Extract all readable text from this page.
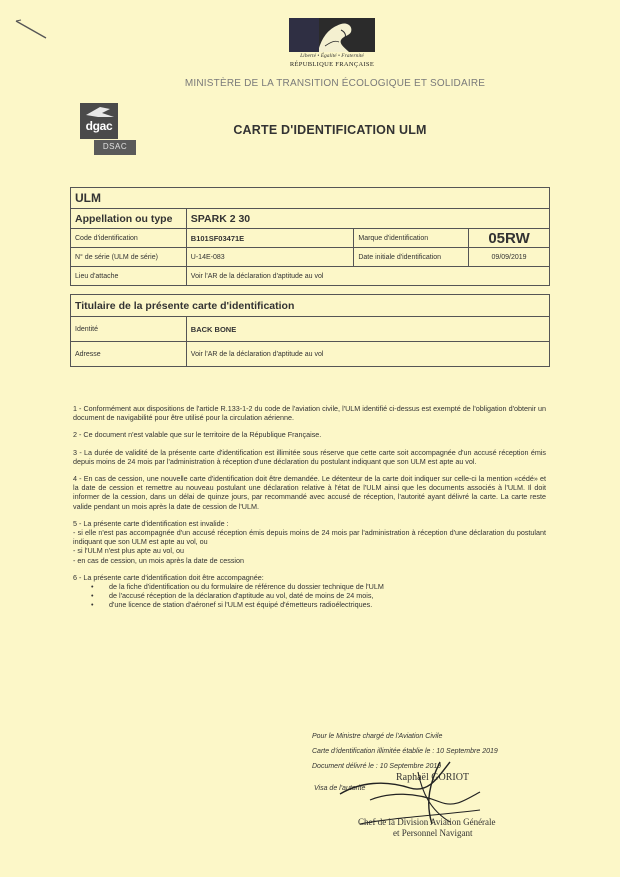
Liberté • Égalité • Fraternité
RÉPUBLIQUE FRANÇAISE
MINISTÈRE DE LA TRANSITION ÉCOLOGIQUE ET SOLIDAIRE
dgac
DSAC
CARTE D'IDENTIFICATION ULM
ULM			
Appellation ou type	SPARK 2 30		
Code d'identification	B101SF03471E	Marque d'identification	05RW
N° de série (ULM de série)	U-14E-083	Date initiale d'identification	09/09/2019
Lieu d'attache	Voir l'AR de la déclaration d'aptitude au vol		
Titulaire de la présente carte d'identification	
Identité	BACK BONE
Adresse	Voir l'AR de la déclaration d'aptitude au vol

1 - Conformément aux dispositions de l'article R.133-1-2 du code de l'aviation civile, l'ULM identifié ci-dessus est exempté de l'obligation d'obtenir un document de navigabilité pour être utilisé pour la circulation aérienne.

2 - Ce document n'est valable que sur le territoire de la République Française.

3 - La durée de validité de la présente carte d'identification est illimitée sous réserve que cette carte soit accompagnée d'un accusé réception émis depuis moins de 24 mois par l'administration à réception d'une déclaration du postulant indiquant que son ULM est apte au vol.

4 - En cas de cession, une nouvelle carte d'identification doit être demandée. Le détenteur de la carte doit indiquer sur celle-ci la mention «cédé» et la date de cession et remettre au nouveau postulant une déclaration relative à l'état de l'ULM ainsi que les documents associés à l'ULM. Il doit informer de la cession, dans un délai de quinze jours, par recommandé avec accusé de réception, l'autorité ayant délivré la carte. La carte reste valide pendant un mois après la date de cession de l'ULM.

5 - La présente carte d'identification est invalide :

- si elle n'est pas accompagnée d'un accusé réception émis depuis moins de 24 mois par l'administration à réception d'une déclaration du postulant indiquant que son ULM est apte au vol, ou

- si l'ULM n'est plus apte au vol, ou

- en cas de cession, un mois après la date de cession

6 - La présente carte d'identification doit être accompagnée:

• de la fiche d'identification ou du formulaire de référence du dossier technique de l'ULM
• de l'accusé réception de la déclaration d'aptitude au vol, daté de moins de 24 mois,
• d'une licence de station d'aéronef si l'ULM est équipé d'émetteurs radioélectriques.
Pour le Ministre chargé de l'Aviation Civile
Carte d'identification illimitée établie le : 10 Septembre 2019
Document délivré le : 10 Septembre 2019
Raphaël GORIOT
Visa de l'autorité
Chef de la Division Aviation Générale
et Personnel Navigant
